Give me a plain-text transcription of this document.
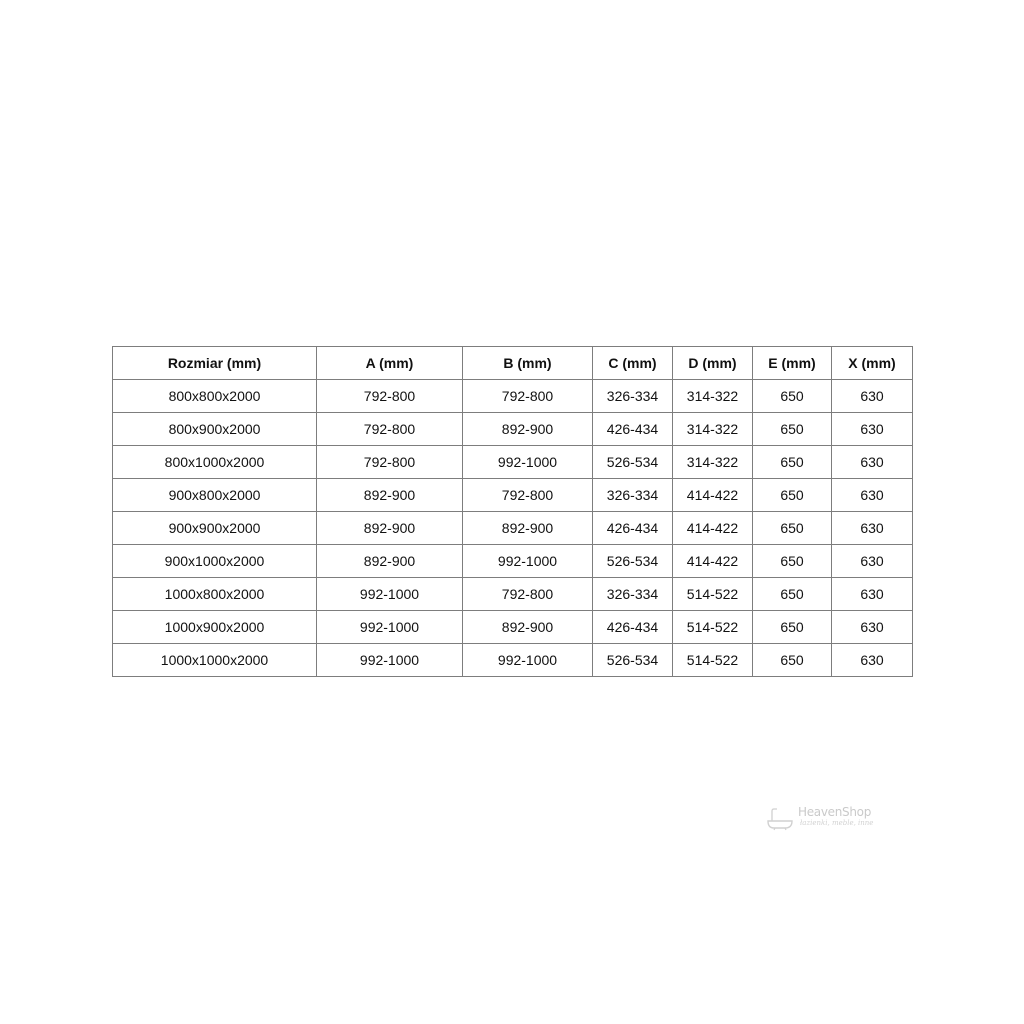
Rozmiar (mm)	A (mm)	B (mm)	C (mm)	D (mm)	E (mm)	X (mm)
800x800x2000	792-800	792-800	326-334	314-322	650	630
800x900x2000	792-800	892-900	426-434	314-322	650	630
800x1000x2000	792-800	992-1000	526-534	314-322	650	630
900x800x2000	892-900	792-800	326-334	414-422	650	630
900x900x2000	892-900	892-900	426-434	414-422	650	630
900x1000x2000	892-900	992-1000	526-534	414-422	650	630
1000x800x2000	992-1000	792-800	326-334	514-522	650	630
1000x900x2000	992-1000	892-900	426-434	514-522	650	630
1000x1000x2000	992-1000	992-1000	526-534	514-522	650	630
HeavenShop
łazienki, meble, inne
